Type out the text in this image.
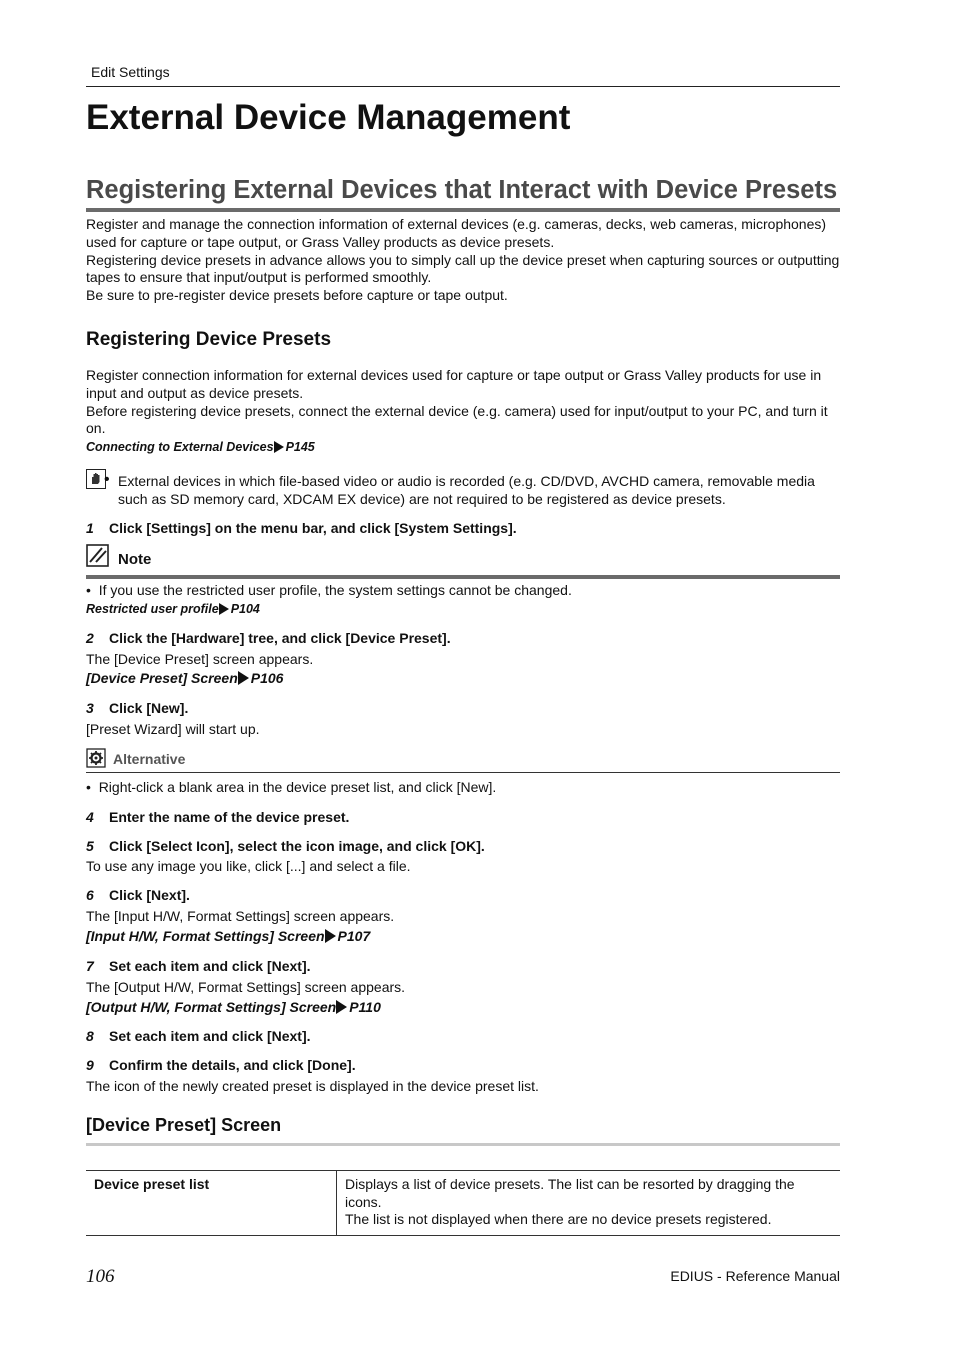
Edit Settings
External Device Management
Registering External Devices that Interact with Device Presets
Register and manage the connection information of external devices (e.g. cameras, decks, web cameras, microphones) used for capture or tape output, or Grass Valley products as device presets.
Registering device presets in advance allows you to simply call up the device preset when capturing sources or outputting tapes to ensure that input/output is performed smoothly.
Be sure to pre-register device presets before capture or tape output.
Registering Device Presets
Register connection information for external devices used for capture or tape output or Grass Valley products for use in input and output as device presets.
Before registering device presets, connect the external device (e.g. camera) used for input/output to your PC, and turn it on.
Connecting to External Devices P145
• External devices in which file-based video or audio is recorded (e.g. CD/DVD, AVCHD camera, removable media such as SD memory card, XDCAM EX device) are not required to be registered as device presets.
1 Click [Settings] on the menu bar, and click [System Settings].
Note
•  If you use the restricted user profile, the system settings cannot be changed.
Restricted user profile P104
2 Click the [Hardware] tree, and click [Device Preset].
The [Device Preset] screen appears.
[Device Preset] Screen P106
3 Click [New].
[Preset Wizard] will start up.
Alternative
•  Right-click a blank area in the device preset list, and click [New].
4 Enter the name of the device preset.
5 Click [Select Icon], select the icon image, and click [OK].
To use any image you like, click [...] and select a file.
6 Click [Next].
The [Input H/W, Format Settings] screen appears.
[Input H/W, Format Settings] Screen P107
7 Set each item and click [Next].
The [Output H/W, Format Settings] screen appears.
[Output H/W, Format Settings] Screen P110
8 Set each item and click [Next].
9 Confirm the details, and click [Done].
The icon of the newly created preset is displayed in the device preset list.
[Device Preset] Screen
Device preset list	Displays a list of device presets. The list can be resorted by dragging the icons.
The list is not displayed when there are no device presets registered.
106	EDIUS - Reference Manual
